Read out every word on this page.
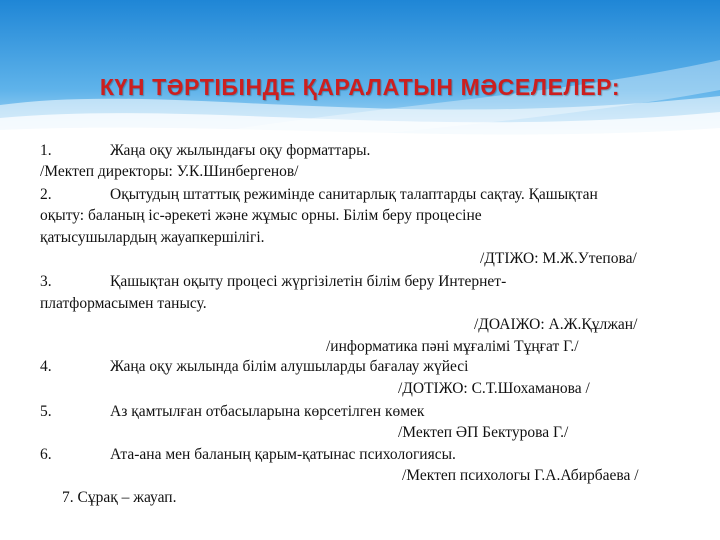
КҮН ТӘРТІБІНДЕ ҚАРАЛАТЫН МӘСЕЛЕЛЕР:
1.	Жаңа оқу жылындағы оқу форматтары.
/Мектеп директоры: У.К.Шинбергенов/
2.	Оқытудың штаттық режимінде санитарлық талаптарды сақтау. Қашықтан
оқыту: баланың іс-әрекеті және жұмыс орны. Білім беру процесіне
қатысушылардың жауапкершілігі.
/ДТІЖО: М.Ж.Утепова/
3.	Қашықтан оқыту процесі жүргізілетін білім беру Интернет-
платформасымен танысу.
/ДОАІЖО: А.Ж.Құлжан/
/информатика пәні мұғалімі Тұңғат Г./
4.	Жаңа оқу жылында білім алушыларды бағалау жүйесі
/ДОТІЖО: С.Т.Шохаманова /
5.	Аз қамтылған отбасыларына көрсетілген көмек
/Мектеп ӘП Бектурова Г./
6.	Ата-ана мен баланың қарым-қатынас психологиясы.
/Мектеп психологы Г.А.Абирбаева /
7. Сұрақ – жауап.
